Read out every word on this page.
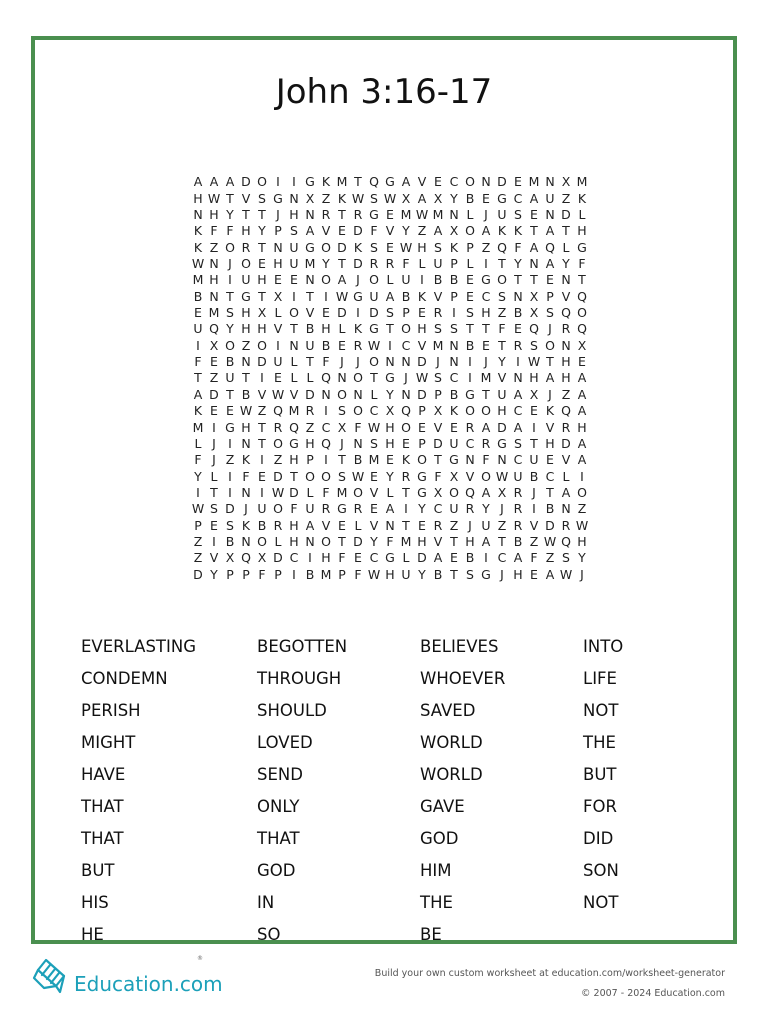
John 3:16-17
A A A D O I I G K M T Q G A V E C O N D E M N X M
H W T V S G N X Z K W S W X A X Y B E G C A U Z K
N H Y T T J H N R T R G E M W M N L J U S E N D L
K F F H Y P S A V E D F V Y Z A X O A K K T A T H
K Z O R T N U G O D K S E W H S K P Z Q F A Q L G
W N J O E H U M Y T D R R F L U P L I T Y N A Y F
M H I U H E E N O A J O L U I B B E G O T T E N T
B N T G T X I T I W G U A B K V P E C S N X P V Q
E M S H X L O V E D I D S P E R I S H Z B X S Q O
U Q Y H H V T B H L K G T O H S S T T F E Q J R Q
I X O Z O I N U B E R W I C V M N B E T R S O N X
F E B N D U L T F J J O N N D J N I J Y I W T H E
T Z U T I E L L Q N O T G J W S C I M V N H A H A
A D T B V W V D N O N L Y N D P B G T U A X J Z A
K E E W Z Q M R I S O C X Q P X K O O H C E K Q A
M I G H T R Q Z C X F W H O E V E R A D A I V R H
L J I N T O G H Q J N S H E P D U C R G S T H D A
F J Z K I Z H P I T B M E K O T G N F N C U E V A
Y L I F E D T O O S W E Y R G F X V O W U B C L I
I T I N I W D L F M O V L T G X O Q A X R J T A O
W S D J U O F U R G R E A I Y C U R Y J R I B N Z
P E S K B R H A V E L V N T E R Z J U Z R V D R W
Z I B N O L H N O T D Y F M H V T H A T B Z W Q H
Z V X Q X D C I H F E C G L D A E B I C A F Z S Y
D Y P P F P I B M P F W H U Y B T S G J H E A W J
EVERLASTING	BEGOTTEN	BELIEVES	INTO
CONDEMN	THROUGH	WHOEVER	LIFE
PERISH	SHOULD	SAVED	NOT
MIGHT	LOVED	WORLD	THE
HAVE	SEND	WORLD	BUT
THAT	ONLY	GAVE	FOR
THAT	THAT	GOD	DID
BUT	GOD	HIM	SON
HIS	IN	THE	NOT
HE	SO	BE
Education.com
®
Build your own custom worksheet at education.com/worksheet-generator
© 2007 - 2024 Education.com
